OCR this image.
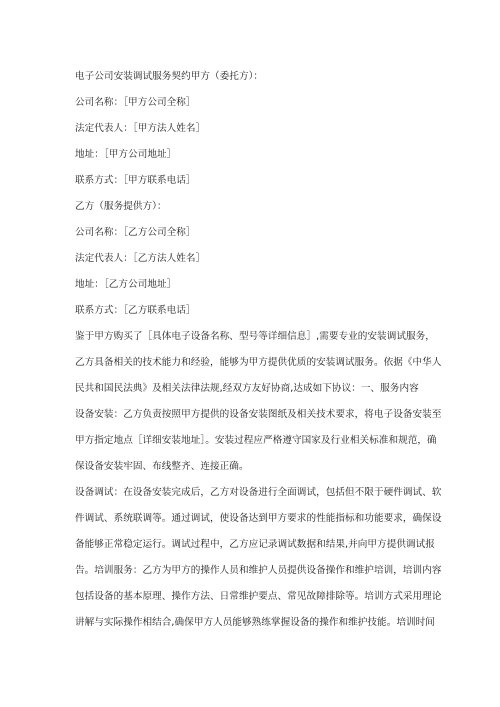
电子公司安装调试服务契约甲方（委托方）：
公司名称：［甲方公司全称］
法定代表人：［甲方法人姓名］
地址：［甲方公司地址］
联系方式：［甲方联系电话］
乙方（服务提供方）：
公司名称：［乙方公司全称］
法定代表人：［乙方法人姓名］
地址：［乙方公司地址］
联系方式：［乙方联系电话］
鉴于甲方购买了［具体电子设备名称、型号等详细信息］,需要专业的安装调试服务，
乙方具备相关的技术能力和经验，能够为甲方提供优质的安装调试服务。依据《中华人
民共和国民法典》及相关法律法规,经双方友好协商,达成如下协议：一、服务内容
设备安装：乙方负责按照甲方提供的设备安装图纸及相关技术要求，将电子设备安装至
甲方指定地点［详细安装地址］。安装过程应严格遵守国家及行业相关标准和规范，确
保设备安装牢固、布线整齐、连接正确。
设备调试：在设备安装完成后，乙方对设备进行全面调试，包括但不限于硬件调试、软
件调试、系统联调等。通过调试，使设备达到甲方要求的性能指标和功能要求，确保设
备能够正常稳定运行。调试过程中，乙方应记录调试数据和结果,并向甲方提供调试报
告。培训服务：乙方为甲方的操作人员和维护人员提供设备操作和维护培训，培训内容
包括设备的基本原理、操作方法、日常维护要点、常见故障排除等。培训方式采用理论
讲解与实际操作相结合,确保甲方人员能够熟练掌握设备的操作和维护技能。培训时间
